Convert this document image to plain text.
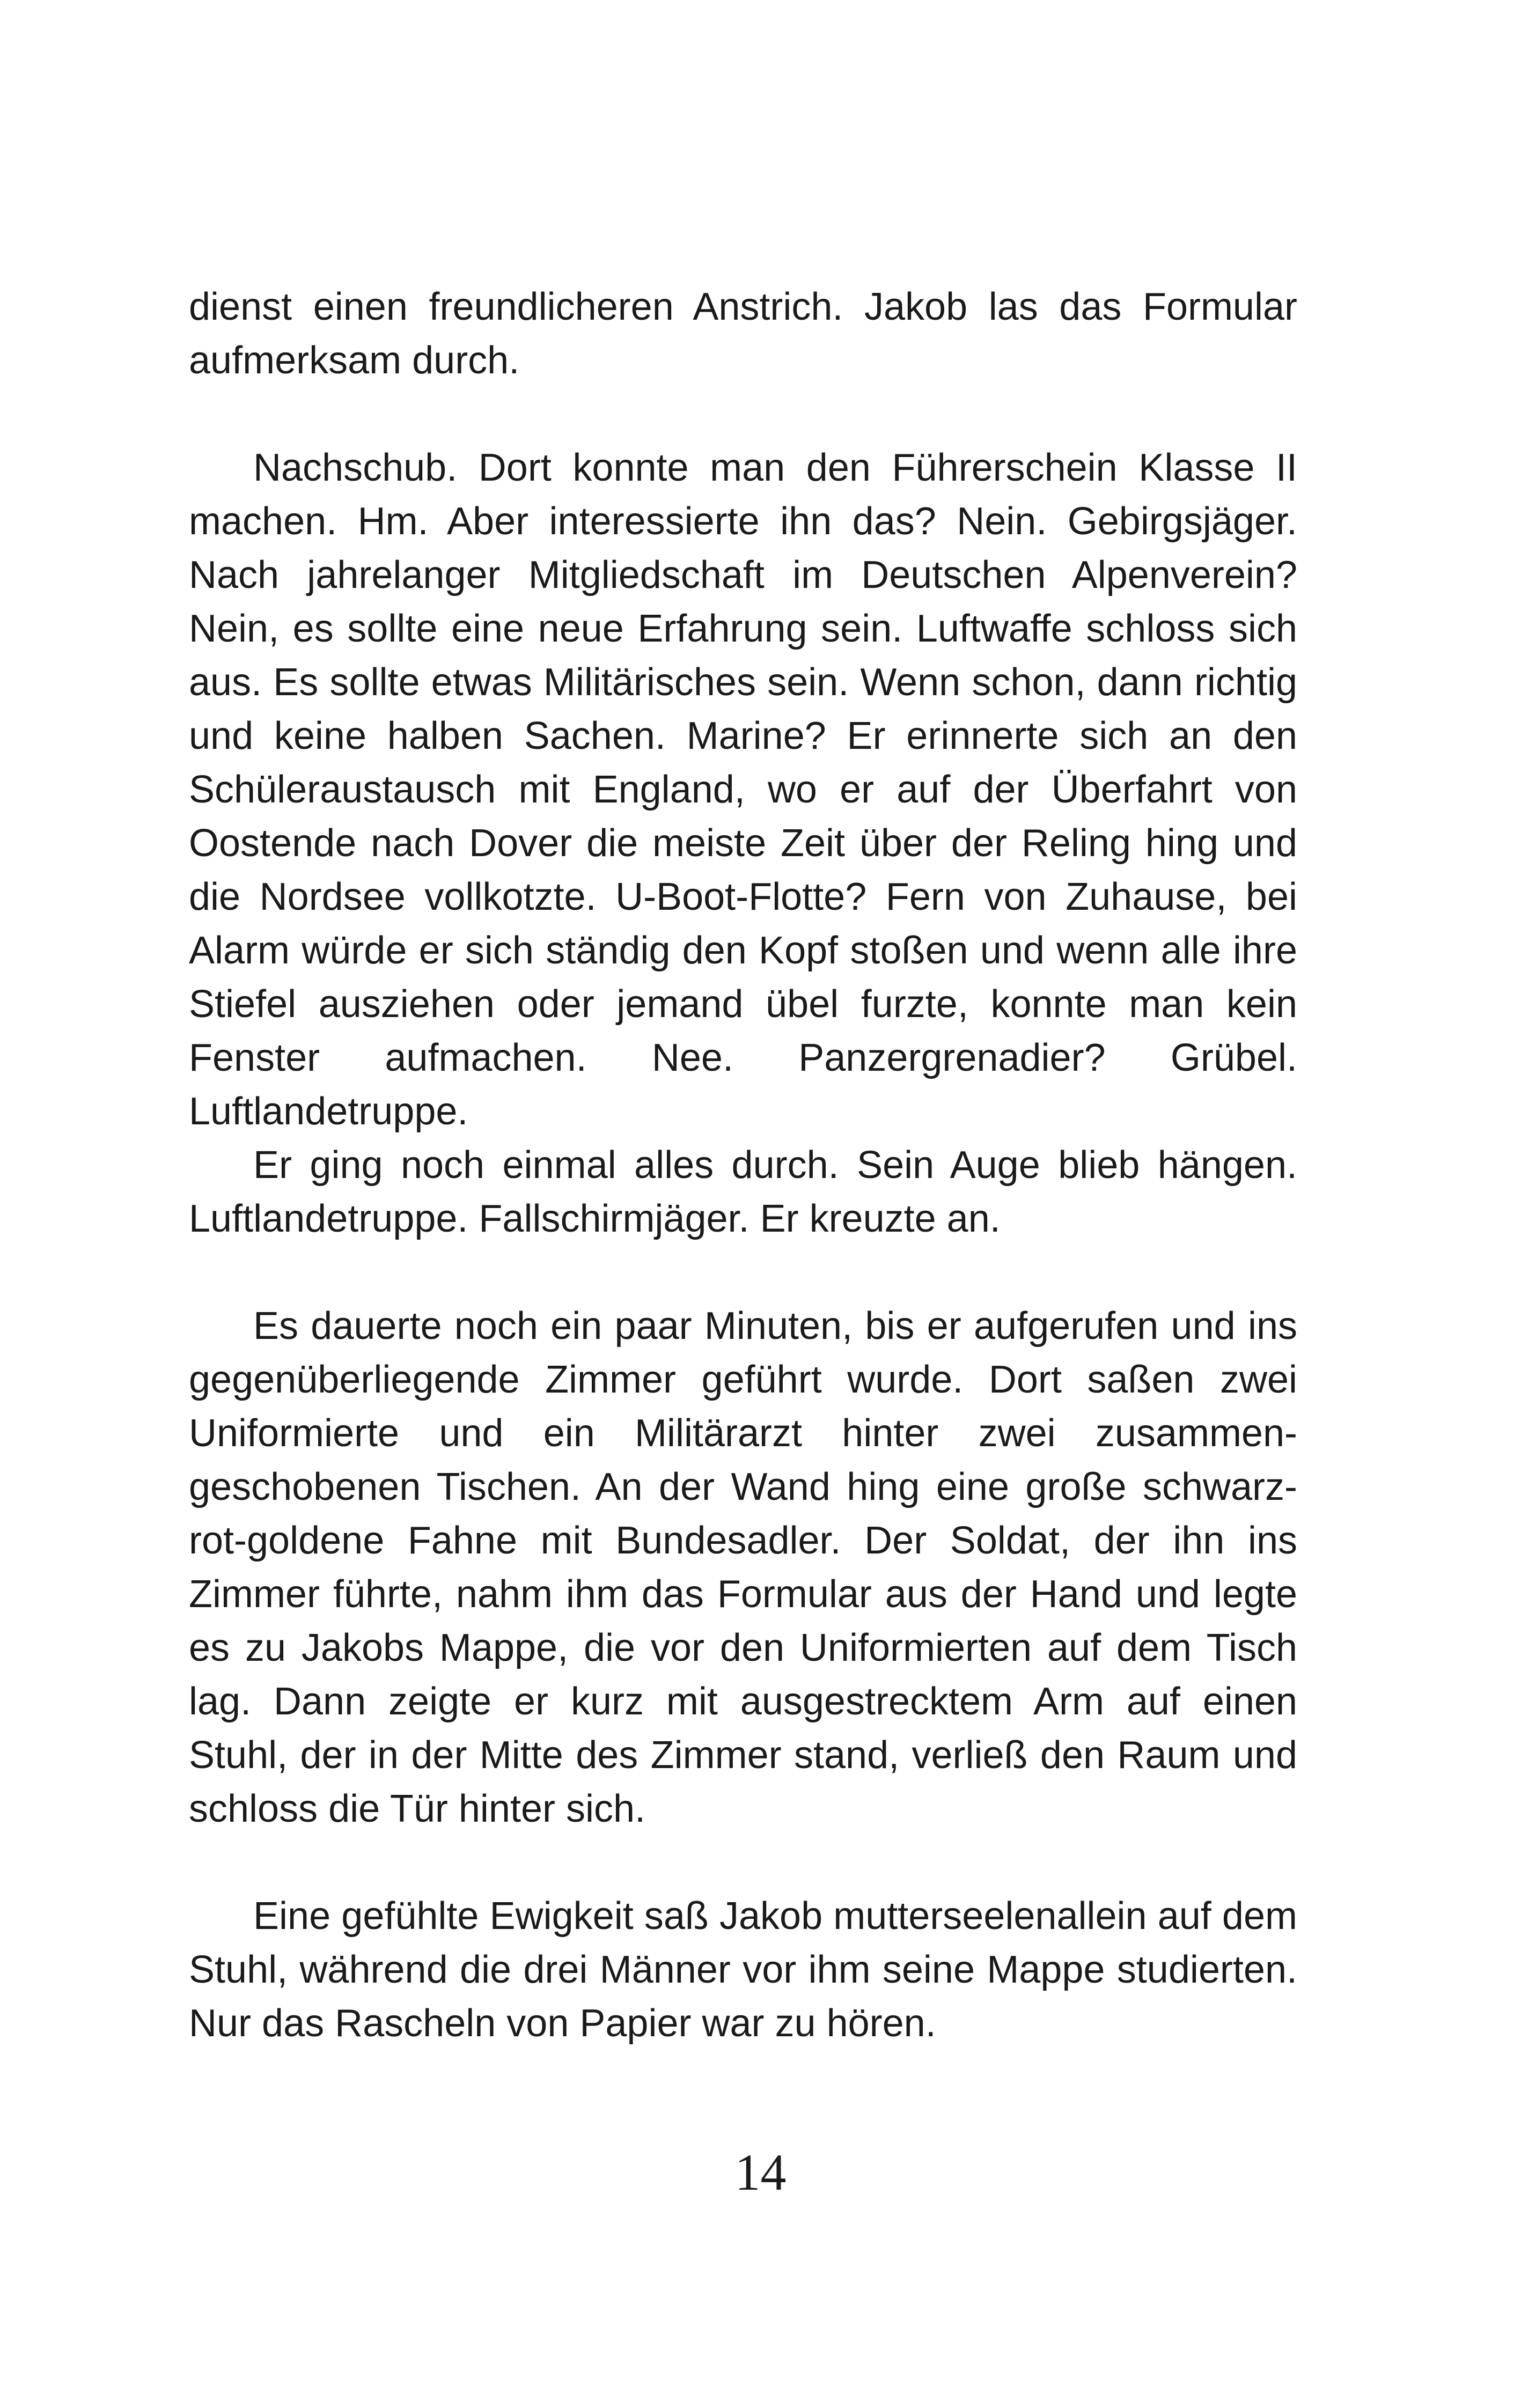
dienst einen freundlicheren Anstrich. Jakob las das Formular aufmerksam durch.

Nachschub. Dort konnte man den Führerschein Klasse II machen. Hm. Aber interessierte ihn das? Nein. Gebirgsjäger. Nach jahrelanger Mitgliedschaft im Deutschen Alpenverein? Nein, es sollte eine neue Erfahrung sein. Luftwaffe schloss sich aus. Es sollte etwas Militärisches sein. Wenn schon, dann richtig und keine halben Sachen. Marine? Er erinnerte sich an den Schüleraustausch mit England, wo er auf der Überfahrt von Oostende nach Dover die meiste Zeit über der Reling hing und die Nordsee vollkotzte. U-Boot-Flotte? Fern von Zuhause, bei Alarm würde er sich ständig den Kopf stoßen und wenn alle ihre Stiefel ausziehen oder jemand übel furzte, konnte man kein Fenster aufmachen. Nee. Panzergrenadier? Grübel. Luftlandetruppe.

Er ging noch einmal alles durch. Sein Auge blieb hängen. Luftlandetruppe. Fallschirmjäger. Er kreuzte an.

Es dauerte noch ein paar Minuten, bis er aufgerufen und ins gegenüberliegende Zimmer geführt wurde. Dort saßen zwei Uniformierte und ein Militärarzt hinter zwei zusammengeschobenen Tischen. An der Wand hing eine große schwarz-rot-goldene Fahne mit Bundesadler. Der Soldat, der ihn ins Zimmer führte, nahm ihm das Formular aus der Hand und legte es zu Jakobs Mappe, die vor den Uniformierten auf dem Tisch lag. Dann zeigte er kurz mit ausgestrecktem Arm auf einen Stuhl, der in der Mitte des Zimmer stand, verließ den Raum und schloss die Tür hinter sich.

Eine gefühlte Ewigkeit saß Jakob mutterseelenallein auf dem Stuhl, während die drei Männer vor ihm seine Mappe studierten. Nur das Rascheln von Papier war zu hören.

14
